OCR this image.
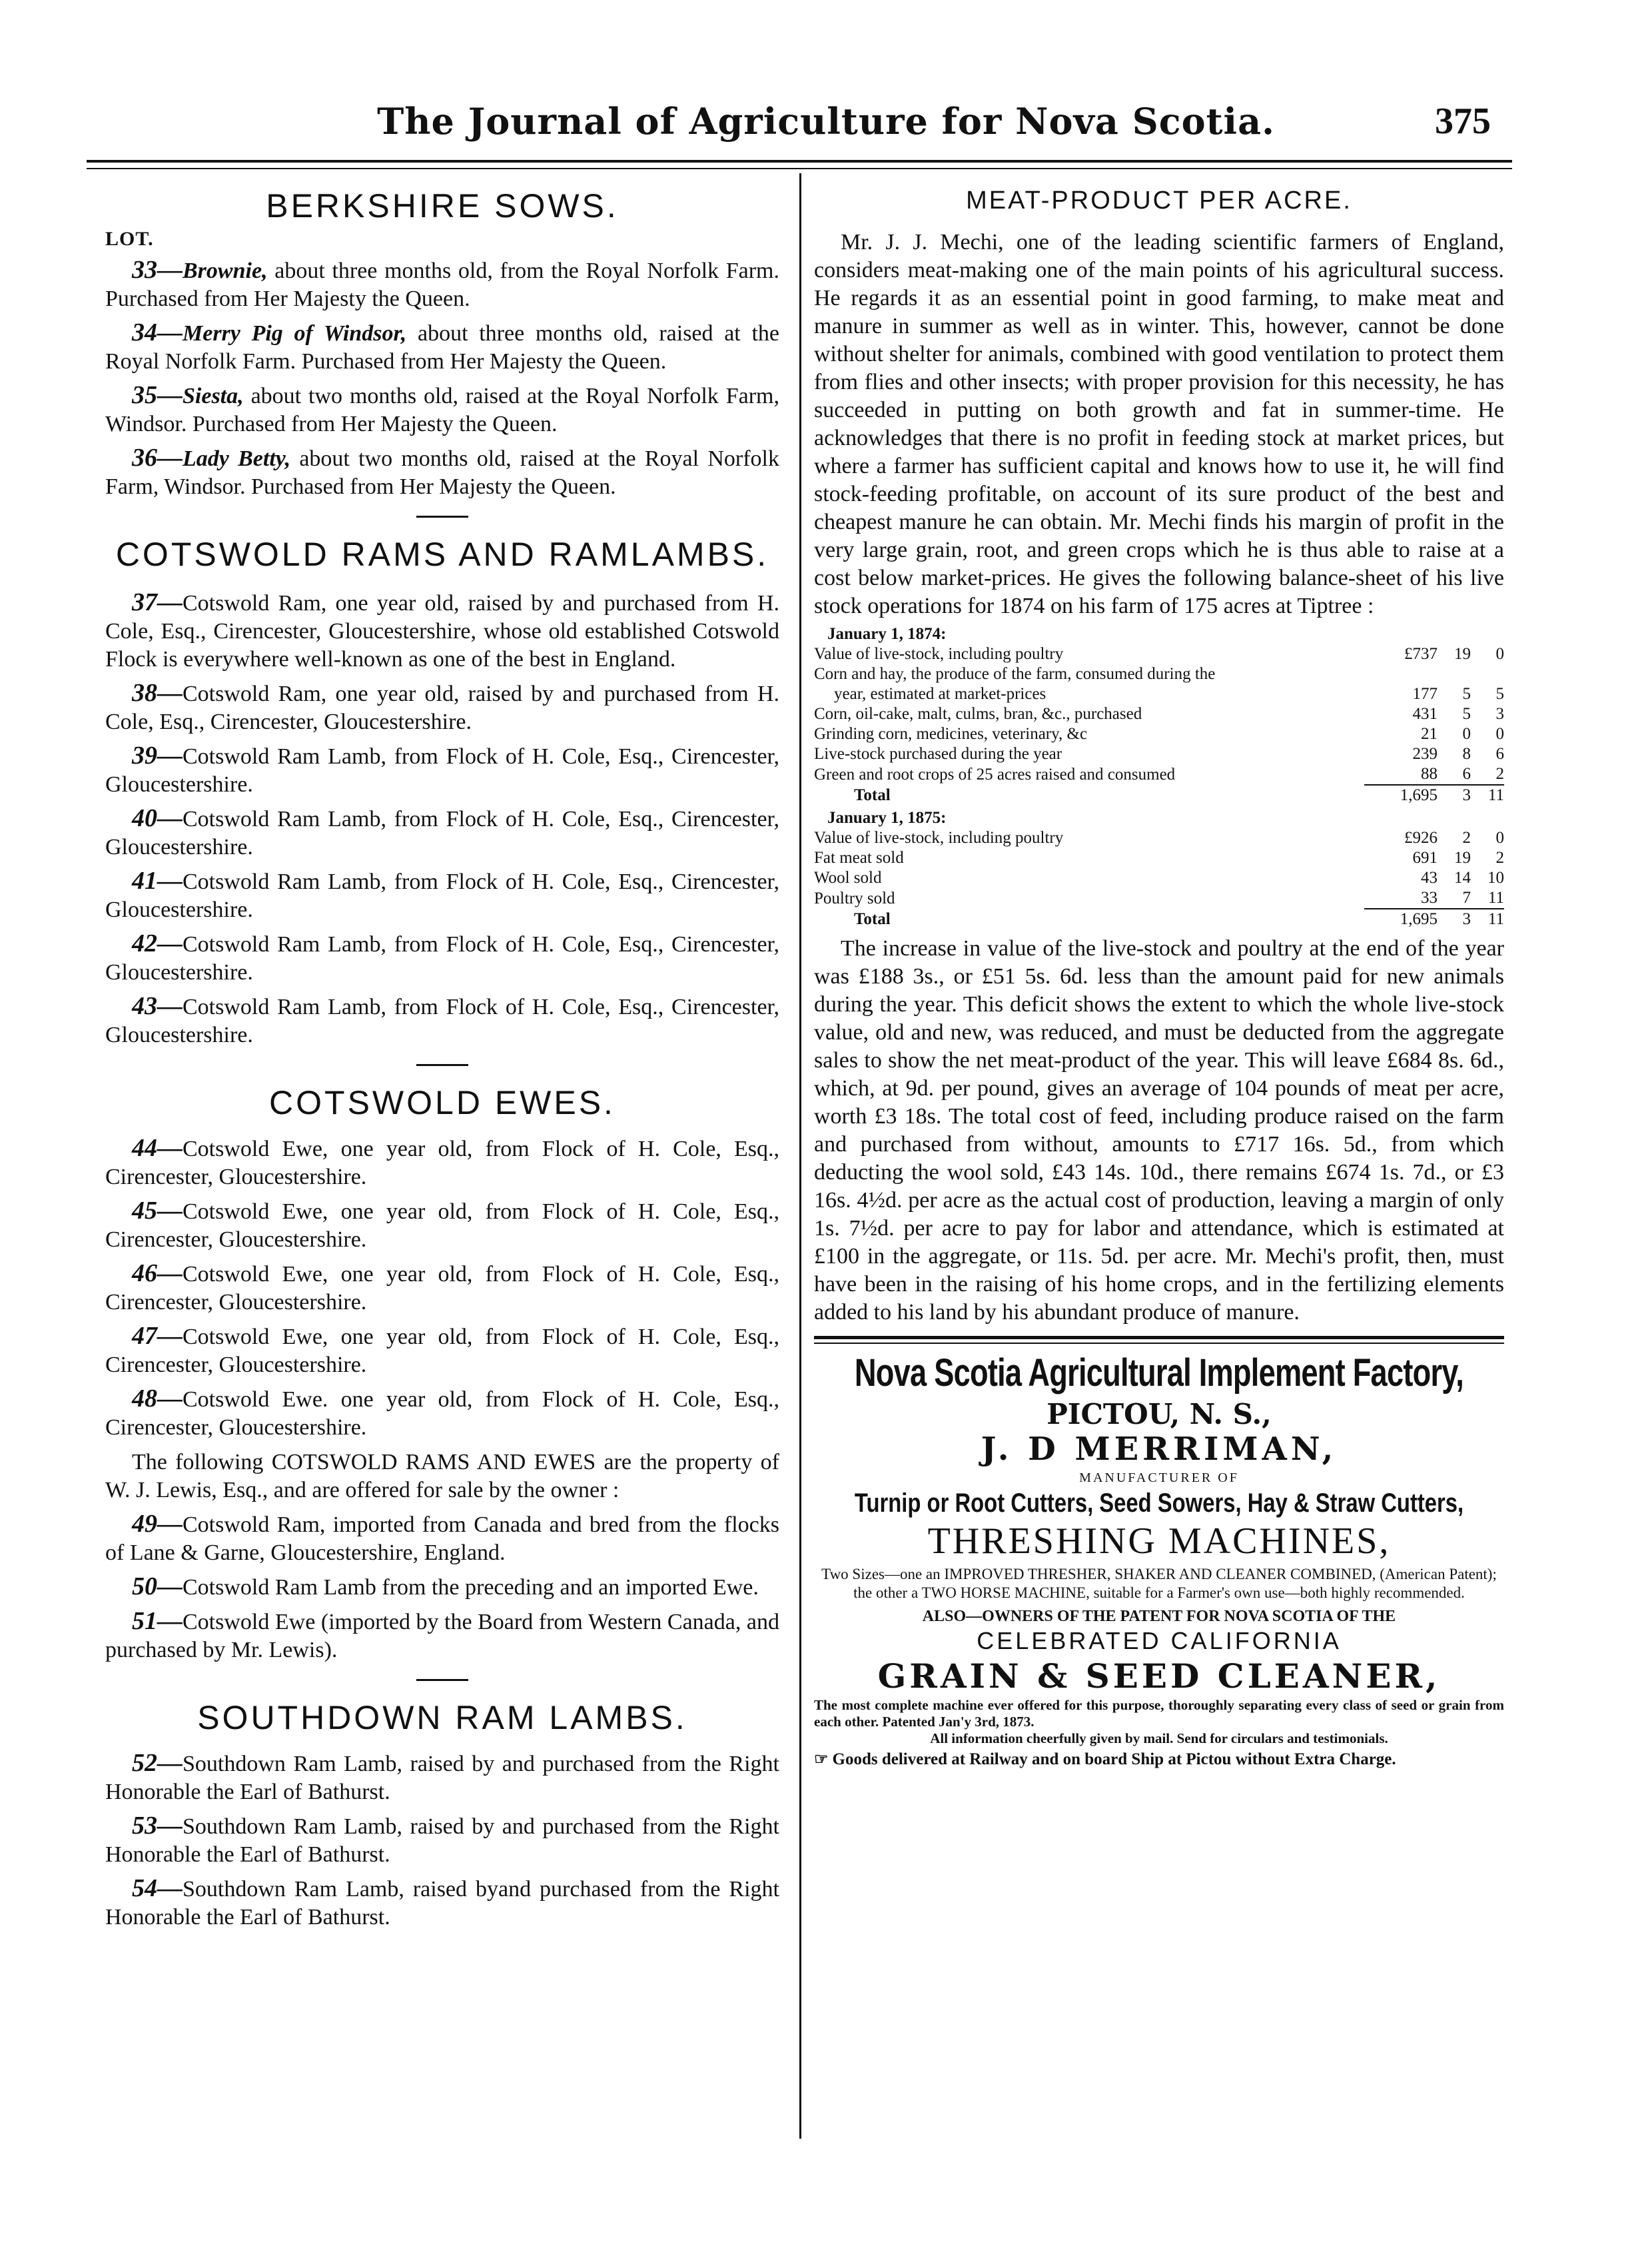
The Journal of Agriculture for Nova Scotia.	375
BERKSHIRE SOWS.
LOT.

33—Brownie, about three months old, from the Royal Norfolk Farm. Purchased from Her Majesty the Queen.

34—Merry Pig of Windsor, about three months old, raised at the Royal Norfolk Farm. Purchased from Her Majesty the Queen.

35—Siesta, about two months old, raised at the Royal Norfolk Farm, Windsor. Purchased from Her Majesty the Queen.

36—Lady Betty, about two months old, raised at the Royal Norfolk Farm, Windsor. Purchased from Her Majesty the Queen.

COTSWOLD RAMS AND RAMLAMBS.

37—Cotswold Ram, one year old, raised by and purchased from H. Cole, Esq., Cirencester, Gloucestershire, whose old established Cotswold Flock is everywhere well-known as one of the best in England.

38—Cotswold Ram, one year old, raised by and purchased from H. Cole, Esq., Cirencester, Gloucestershire.

39—Cotswold Ram Lamb, from Flock of H. Cole, Esq., Cirencester, Gloucestershire.

40—Cotswold Ram Lamb, from Flock of H. Cole, Esq., Cirencester, Gloucestershire.

41—Cotswold Ram Lamb, from Flock of H. Cole, Esq., Cirencester, Gloucestershire.

42—Cotswold Ram Lamb, from Flock of H. Cole, Esq., Cirencester, Gloucestershire.

43—Cotswold Ram Lamb, from Flock of H. Cole, Esq., Cirencester, Gloucestershire.

COTSWOLD EWES.

44—Cotswold Ewe, one year old, from Flock of H. Cole, Esq., Cirencester, Gloucestershire.

45—Cotswold Ewe, one year old, from Flock of H. Cole, Esq., Cirencester, Gloucestershire.

46—Cotswold Ewe, one year old, from Flock of H. Cole, Esq., Cirencester, Gloucestershire.

47—Cotswold Ewe, one year old, from Flock of H. Cole, Esq., Cirencester, Gloucestershire.

48—Cotswold Ewe. one year old, from Flock of H. Cole, Esq., Cirencester, Gloucestershire.

The following COTSWOLD RAMS AND EWES are the property of W. J. Lewis, Esq., and are offered for sale by the owner :

49—Cotswold Ram, imported from Canada and bred from the flocks of Lane & Garne, Gloucestershire, England.

50—Cotswold Ram Lamb from the preceding and an imported Ewe.

51—Cotswold Ewe (imported by the Board from Western Canada, and purchased by Mr. Lewis).

SOUTHDOWN RAM LAMBS.

52—Southdown Ram Lamb, raised by and purchased from the Right Honorable the Earl of Bathurst.

53—Southdown Ram Lamb, raised by and purchased from the Right Honorable the Earl of Bathurst.

54—Southdown Ram Lamb, raised byand purchased from the Right Honorable the Earl of Bathurst.

MEAT-PRODUCT PER ACRE.

Mr. J. J. Mechi, one of the leading scientific farmers of England, considers meat-making one of the main points of his agricultural success. He regards it as an essential point in good farming, to make meat and manure in summer as well as in winter. This, however, cannot be done without shelter for animals, combined with good ventilation to protect them from flies and other insects; with proper provision for this necessity, he has succeeded in putting on both growth and fat in summer-time. He acknowledges that there is no profit in feeding stock at market prices, but where a farmer has sufficient capital and knows how to use it, he will find stock-feeding profitable, on account of its sure product of the best and cheapest manure he can obtain. Mr. Mechi finds his margin of profit in the very large grain, root, and green crops which he is thus able to raise at a cost below market-prices. He gives the following balance-sheet of his live stock operations for 1874 on his farm of 175 acres at Tiptree :

January 1, 1874:			
Value of live-stock, including poultry	£737	19	0
Corn and hay, the produce of the farm, consumed during the			
year, estimated at market-prices	177	5	5
Corn, oil-cake, malt, culms, bran, &c., purchased	431	5	3
Grinding corn, medicines, veterinary, &c	21	0	0
Live-stock purchased during the year	239	8	6
Green and root crops of 25 acres raised and consumed	88	6	2
Total	1,695	3	11
January 1, 1875:			
Value of live-stock, including poultry	£926	2	0
Fat meat sold	691	19	2
Wool sold	43	14	10
Poultry sold	33	7	11
Total	1,695	3	11

The increase in value of the live-stock and poultry at the end of the year was £188 3s., or £51 5s. 6d. less than the amount paid for new animals during the year. This deficit shows the extent to which the whole live-stock value, old and new, was reduced, and must be deducted from the aggregate sales to show the net meat-product of the year. This will leave £684 8s. 6d., which, at 9d. per pound, gives an average of 104 pounds of meat per acre, worth £3 18s. The total cost of feed, including produce raised on the farm and purchased from without, amounts to £717 16s. 5d., from which deducting the wool sold, £43 14s. 10d., there remains £674 1s. 7d., or £3 16s. 4½d. per acre as the actual cost of production, leaving a margin of only 1s. 7½d. per acre to pay for labor and attendance, which is estimated at £100 in the aggregate, or 11s. 5d. per acre. Mr. Mechi's profit, then, must have been in the raising of his home crops, and in the fertilizing elements added to his land by his abundant produce of manure.

Nova Scotia Agricultural Implement Factory,
PICTOU, N. S.,
J. D MERRIMAN,
MANUFACTURER OF
Turnip or Root Cutters, Seed Sowers, Hay & Straw Cutters,
THRESHING MACHINES,
Two Sizes—one an IMPROVED THRESHER, SHAKER AND CLEANER COMBINED, (American Patent); the other a TWO HORSE MACHINE, suitable for a Farmer's own use—both highly recommended.
ALSO—OWNERS OF THE PATENT FOR NOVA SCOTIA OF THE
CELEBRATED CALIFORNIA
GRAIN & SEED CLEANER,
The most complete machine ever offered for this purpose, thoroughly separating every class of seed or grain from each other. Patented Jan'y 3rd, 1873.
All information cheerfully given by mail. Send for circulars and testimonials.
☞ Goods delivered at Railway and on board Ship at Pictou without Extra Charge.
